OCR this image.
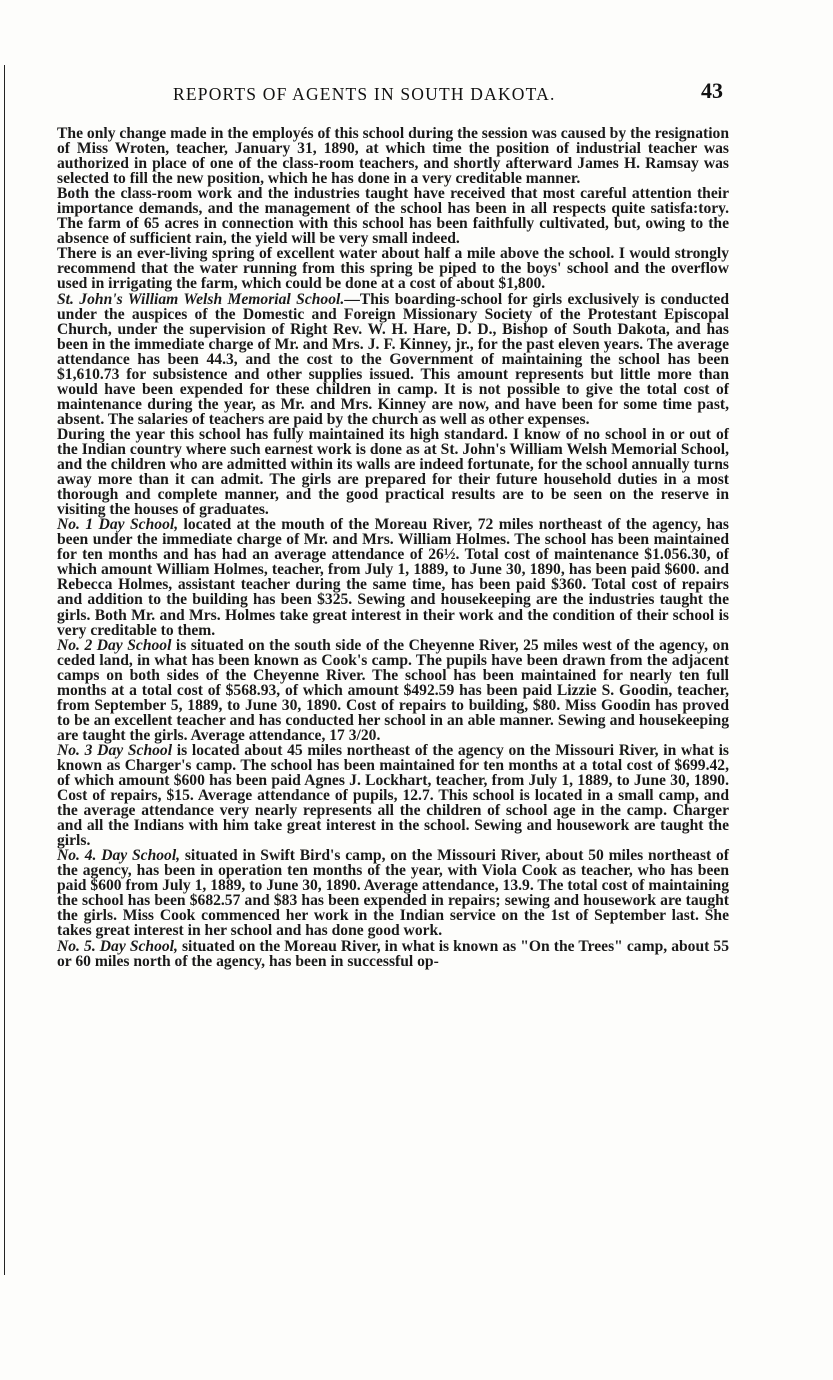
REPORTS OF AGENTS IN SOUTH DAKOTA.	43

The only change made in the employés of this school during the session was caused by the resignation of Miss Wroten, teacher, January 31, 1890, at which time the position of industrial teacher was authorized in place of one of the class-room teachers, and shortly afterward James H. Ramsay was selected to fill the new position, which he has done in a very creditable manner.

Both the class-room work and the industries taught have received that most careful attention their importance demands, and the management of the school has been in all respects quite satisfa:tory. The farm of 65 acres in connection with this school has been faithfully cultivated, but, owing to the absence of sufficient rain, the yield will be very small indeed.

There is an ever-living spring of excellent water about half a mile above the school. I would strongly recommend that the water running from this spring be piped to the boys' school and the overflow used in irrigating the farm, which could be done at a cost of about $1,800.

St. John's William Welsh Memorial School.—This boarding-school for girls exclusively is conducted under the auspices of the Domestic and Foreign Missionary Society of the Protestant Episcopal Church, under the supervision of Right Rev. W. H. Hare, D. D., Bishop of South Dakota, and has been in the immediate charge of Mr. and Mrs. J. F. Kinney, jr., for the past eleven years. The average attendance has been 44.3, and the cost to the Government of maintaining the school has been $1,610.73 for subsistence and other supplies issued. This amount represents but little more than would have been expended for these children in camp. It is not possible to give the total cost of maintenance during the year, as Mr. and Mrs. Kinney are now, and have been for some time past, absent. The salaries of teachers are paid by the church as well as other expenses.

During the year this school has fully maintained its high standard. I know of no school in or out of the Indian country where such earnest work is done as at St. John's William Welsh Memorial School, and the children who are admitted within its walls are indeed fortunate, for the school annually turns away more than it can admit. The girls are prepared for their future household duties in a most thorough and complete manner, and the good practical results are to be seen on the reserve in visiting the houses of graduates.

No. 1 Day School, located at the mouth of the Moreau River, 72 miles northeast of the agency, has been under the immediate charge of Mr. and Mrs. William Holmes. The school has been maintained for ten months and has had an average attendance of 26½. Total cost of maintenance $1.056.30, of which amount William Holmes, teacher, from July 1, 1889, to June 30, 1890, has been paid $600. and Rebecca Holmes, assistant teacher during the same time, has been paid $360. Total cost of repairs and addition to the building has been $325. Sewing and housekeeping are the industries taught the girls. Both Mr. and Mrs. Holmes take great interest in their work and the condition of their school is very creditable to them.

No. 2 Day School is situated on the south side of the Cheyenne River, 25 miles west of the agency, on ceded land, in what has been known as Cook's camp. The pupils have been drawn from the adjacent camps on both sides of the Cheyenne River. The school has been maintained for nearly ten full months at a total cost of $568.93, of which amount $492.59 has been paid Lizzie S. Goodin, teacher, from September 5, 1889, to June 30, 1890. Cost of repairs to building, $80. Miss Goodin has proved to be an excellent teacher and has conducted her school in an able manner. Sewing and housekeeping are taught the girls. Average attendance, 17 3/20.

No. 3 Day School is located about 45 miles northeast of the agency on the Missouri River, in what is known as Charger's camp. The school has been maintained for ten months at a total cost of $699.42, of which amount $600 has been paid Agnes J. Lockhart, teacher, from July 1, 1889, to June 30, 1890. Cost of repairs, $15. Average attendance of pupils, 12.7. This school is located in a small camp, and the average attendance very nearly represents all the children of school age in the camp. Charger and all the Indians with him take great interest in the school. Sewing and housework are taught the girls.

No. 4. Day School, situated in Swift Bird's camp, on the Missouri River, about 50 miles northeast of the agency, has been in operation ten months of the year, with Viola Cook as teacher, who has been paid $600 from July 1, 1889, to June 30, 1890. Average attendance, 13.9. The total cost of maintaining the school has been $682.57 and $83 has been expended in repairs; sewing and housework are taught the girls. Miss Cook commenced her work in the Indian service on the 1st of September last. She takes great interest in her school and has done good work.

No. 5. Day School, situated on the Moreau River, in what is known as "On the Trees" camp, about 55 or 60 miles north of the agency, has been in successful op-
